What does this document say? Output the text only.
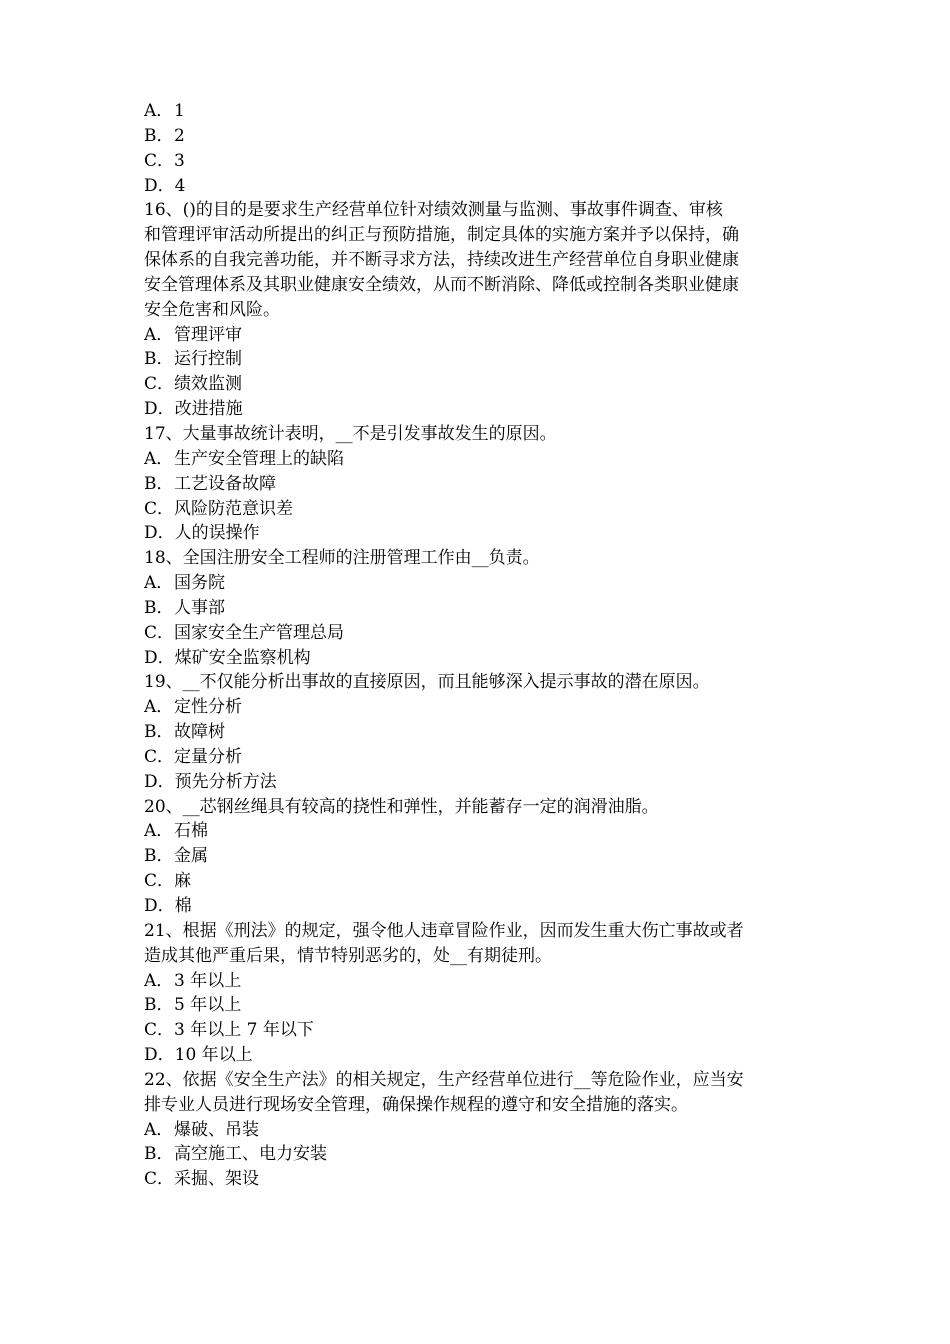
A．1
B．2
C．3
D．4
16、()的目的是要求生产经营单位针对绩效测量与监测、事故事件调查、审核
和管理评审活动所提出的纠正与预防措施，制定具体的实施方案并予以保持，确
保体系的自我完善功能，并不断寻求方法，持续改进生产经营单位自身职业健康
安全管理体系及其职业健康安全绩效，从而不断消除、降低或控制各类职业健康
安全危害和风险。
A．管理评审
B．运行控制
C．绩效监测
D．改进措施
17、大量事故统计表明，__不是引发事故发生的原因。
A．生产安全管理上的缺陷
B．工艺设备故障
C．风险防范意识差
D．人的误操作
18、全国注册安全工程师的注册管理工作由__负责。
A．国务院
B．人事部
C．国家安全生产管理总局
D．煤矿安全监察机构
19、__不仅能分析出事故的直接原因，而且能够深入提示事故的潜在原因。
A．定性分析
B．故障树
C．定量分析
D．预先分析方法
20、__芯钢丝绳具有较高的挠性和弹性，并能蓄存一定的润滑油脂。
A．石棉
B．金属
C．麻
D．棉
21、根据《刑法》的规定，强令他人违章冒险作业，因而发生重大伤亡事故或者
造成其他严重后果，情节特别恶劣的，处__有期徒刑。
A．3 年以上
B．5 年以上
C．3 年以上 7 年以下
D．10 年以上
22、依据《安全生产法》的相关规定，生产经营单位进行__等危险作业，应当安
排专业人员进行现场安全管理，确保操作规程的遵守和安全措施的落实。
A．爆破、吊装
B．高空施工、电力安装
C．采掘、架设
